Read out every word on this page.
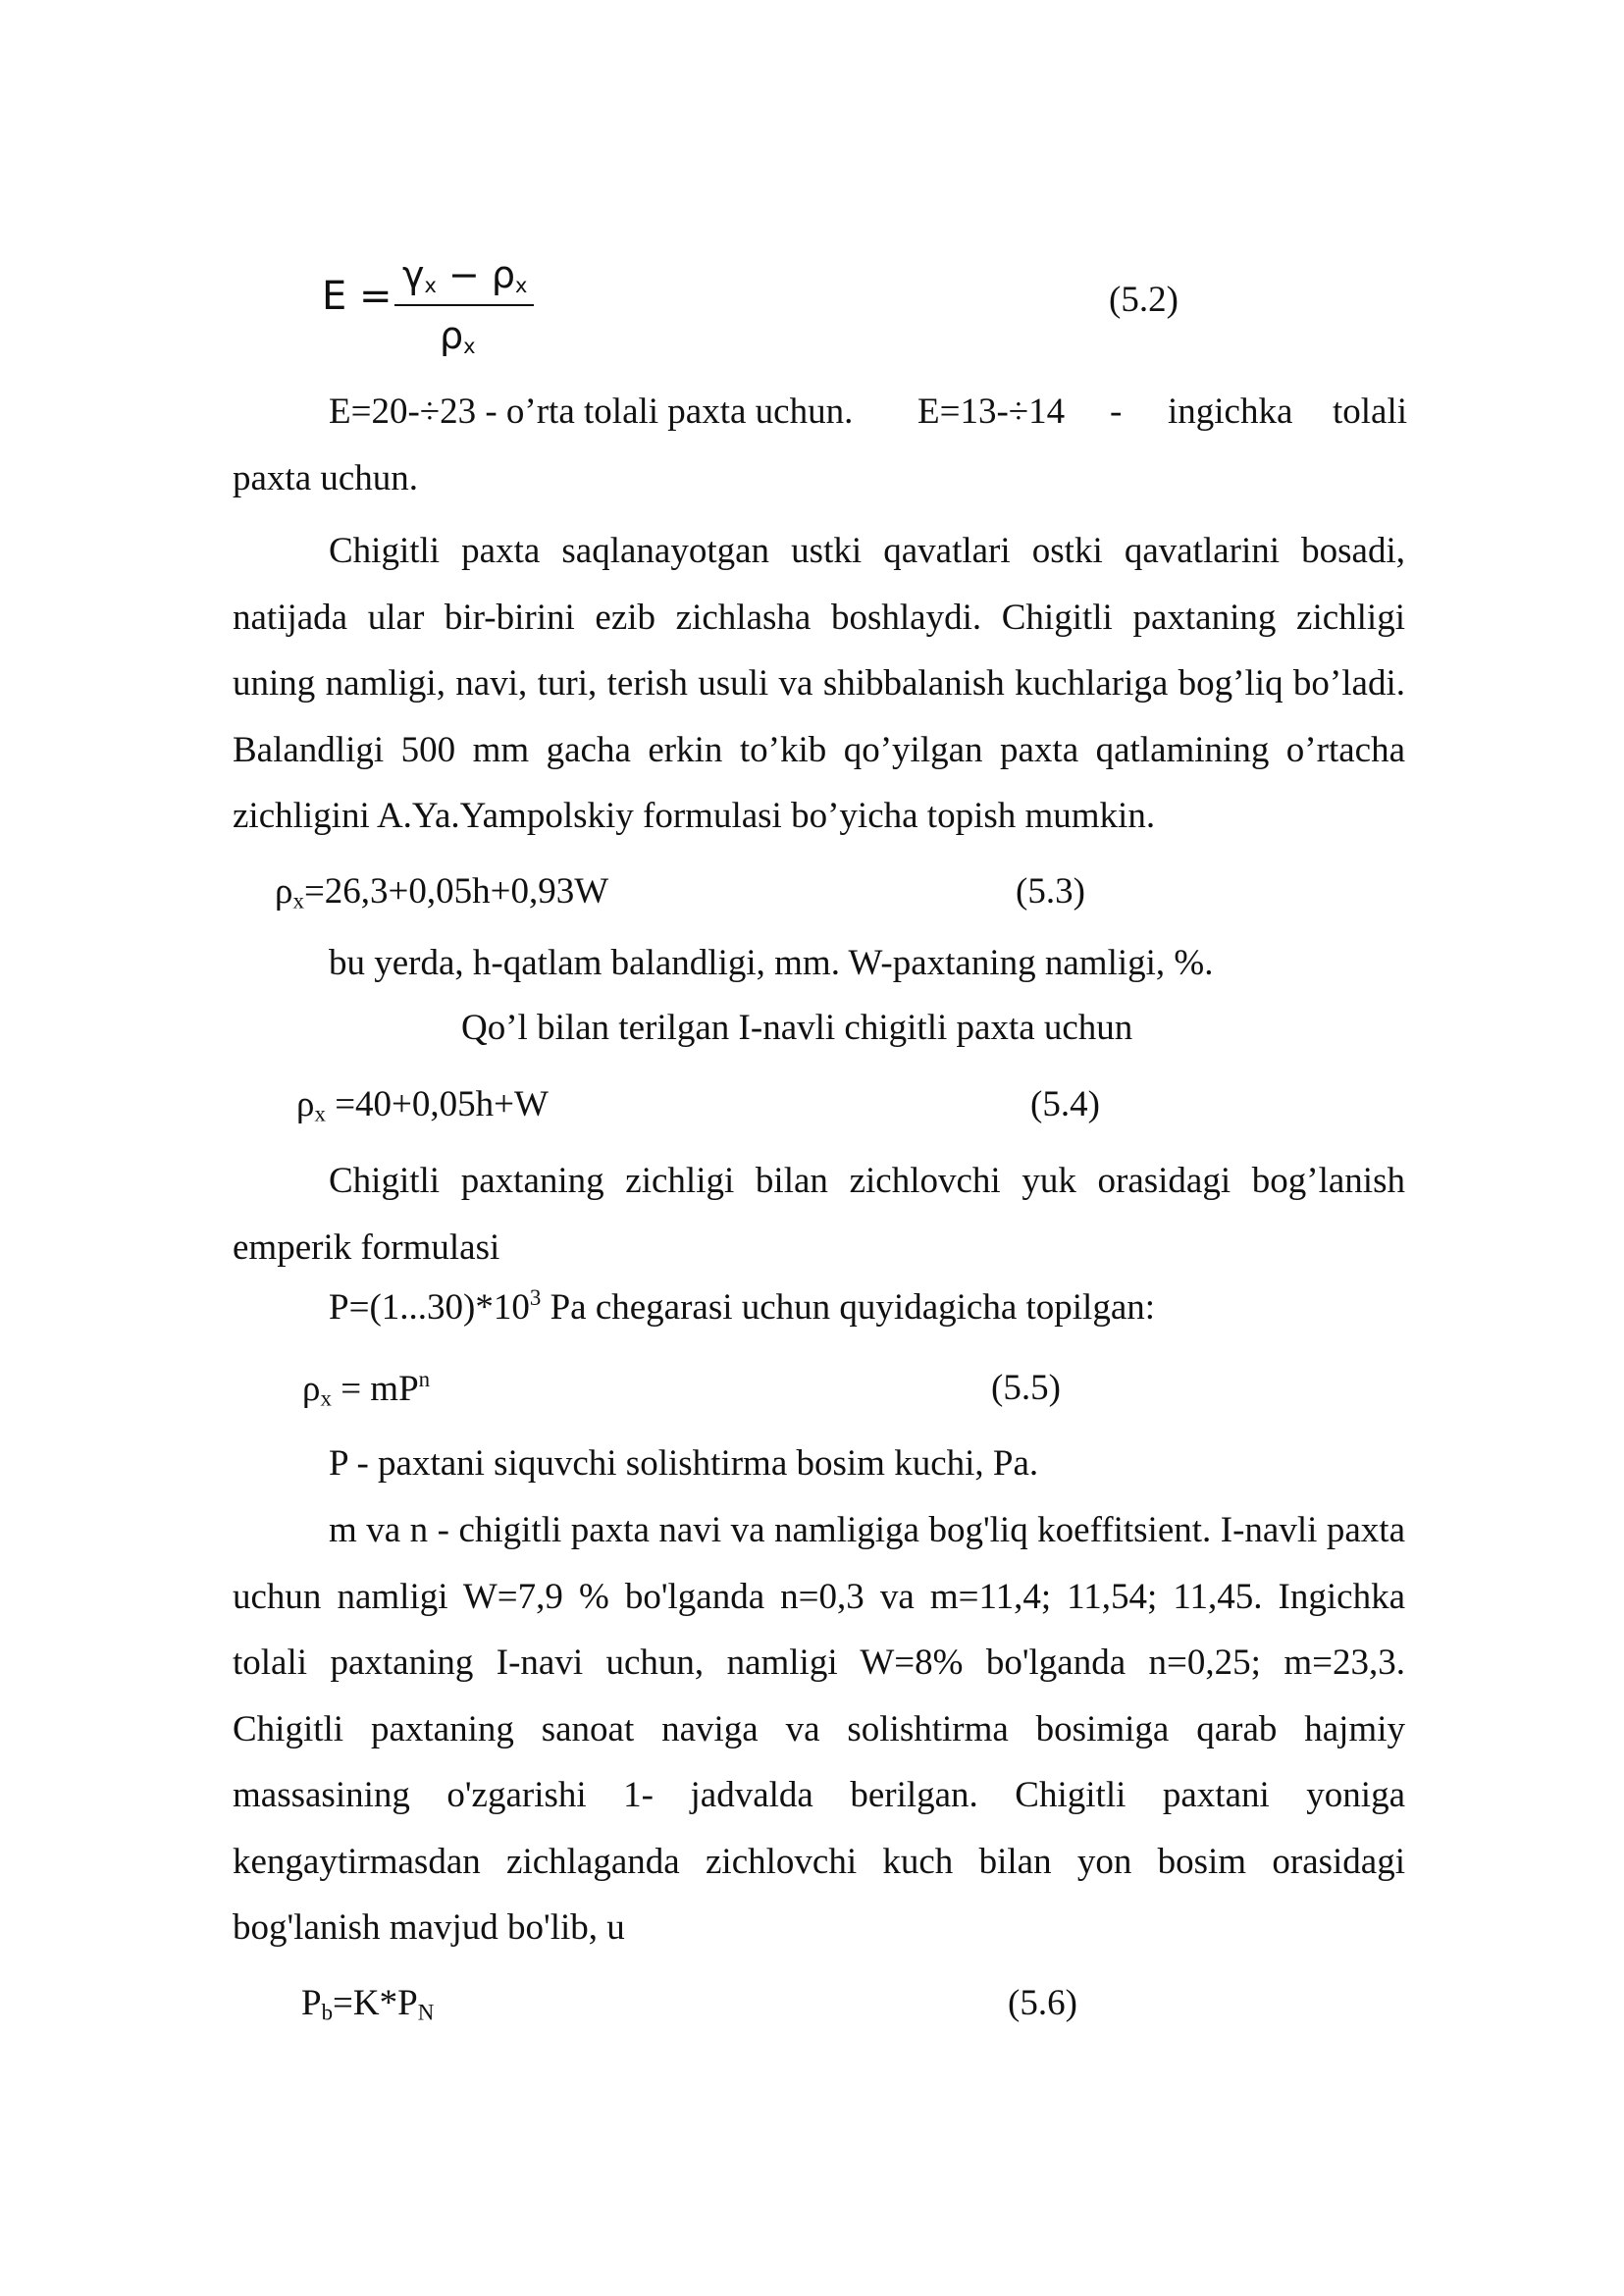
$E = \gamma_x - \rho_x$
$\rho_x$
(5.2)
E=20-÷23 - o’rta tolali paxta uchun. E=13-÷14 - ingichka tolali
paxta uchun.

Chigitli paxta saqlanayotgan ustki qavatlari ostki qavatlarini bosadi, natijada ular bir-birini ezib zichlasha boshlaydi. Chigitli paxtaning zichligi uning namligi, navi, turi, terish usuli va shibbalanish kuchlariga bog’liq bo’ladi. Balandligi 500 mm gacha erkin to’kib qo’yilgan paxta qatlamining o’rtacha zichligini A.Ya.Yampolskiy formulasi bo’yicha topish mumkin.

$\rho_x=26,3+0,05h+0,93W$	(5.3)
bu yerda, h-qatlam balandligi, mm. W-paxtaning namligi, %.
Qo’l bilan terilgan I-navli chigitli paxta uchun
$\rho_x =40+0,05h+W$	(5.4)

Chigitli paxtaning zichligi bilan zichlovchi yuk orasidagi bog’lanish emperik formulasi

$P=(1...30)*10^3$ Pa chegarasi uchun quyidagicha topilgan:
$\rho_x = mP^n$	(5.5)
P - paxtani siquvchi solishtirma bosim kuchi, Pa.

m va n - chigitli paxta navi va namligiga bog'liq koeffitsient. I-navli paxta uchun namligi W=7,9 % bo'lganda n=0,3 va m=11,4; 11,54; 11,45. Ingichka tolali paxtaning I-navi uchun, namligi W=8% bo'lganda n=0,25; m=23,3. Chigitli paxtaning sanoat naviga va solishtirma bosimiga qarab hajmiy massasining o'zgarishi 1- jadvalda berilgan. Chigitli paxtani yoniga kengaytirmasdan zichlaganda zichlovchi kuch bilan yon bosim orasidagi bog'lanish mavjud bo'lib, u

$P_b=K*P_N$	(5.6)
